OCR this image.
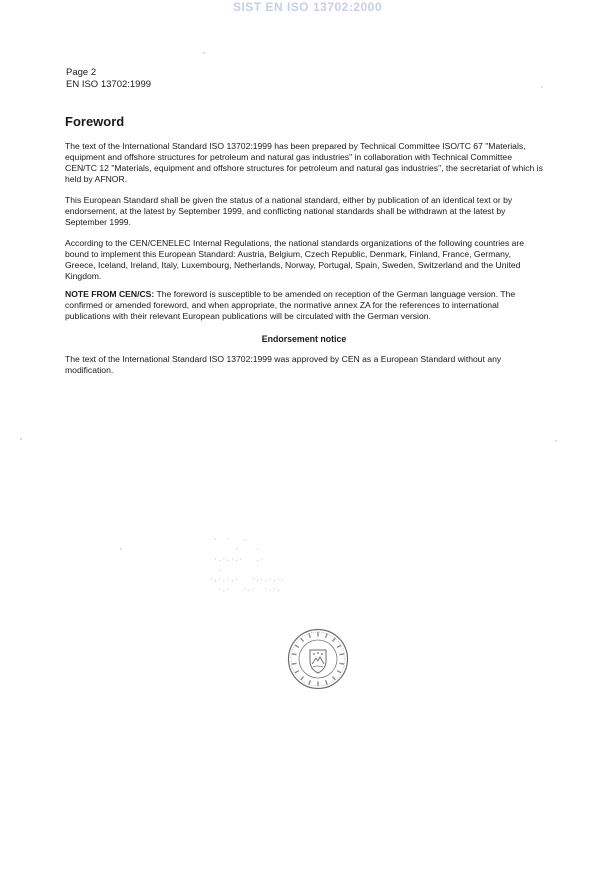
SIST EN ISO 13702:2000
Page 2
EN ISO 13702:1999
Foreword

The text of the International Standard ISO 13702:1999 has been prepared by Technical Committee ISO/TC 67 "Materials, equipment and offshore structures for petroleum and natural gas industries" in collaboration with Technical Committee CEN/TC 12 "Materials, equipment and offshore structures for petroleum and natural gas industries", the secretariat of which is held by AFNOR.

This European Standard shall be given the status of a national standard, either by publication of an identical text or by endorsement, at the latest by September 1999, and conflicting national standards shall be withdrawn at the latest by September 1999.

According to the CEN/CENELEC Internal Regulations, the national standards organizations of the following countries are bound to implement this European Standard: Austria, Belgium, Czech Republic, Denmark, Finland, France, Germany, Greece, Iceland, Ireland, Italy, Luxembourg, Netherlands, Norway, Portugal, Spain, Sweden, Switzerland and the United Kingdom.

NOTE FROM CEN/CS: The foreword is susceptible to be amended on reception of the German language version. The confirmed or amended foreword, and when appropriate, the normative annex ZA for the references to international publications with their relevant European publications will be circulated with the German version.

Endorsement notice

The text of the International Standard ISO 13702:1999 was approved by CEN as a European Standard without any modification.

·  ·   .
·    ·
·.·.·.·   .·
.
·.·.·.·   ·.·.·.·.
·.·   ·.·  ·.·.
